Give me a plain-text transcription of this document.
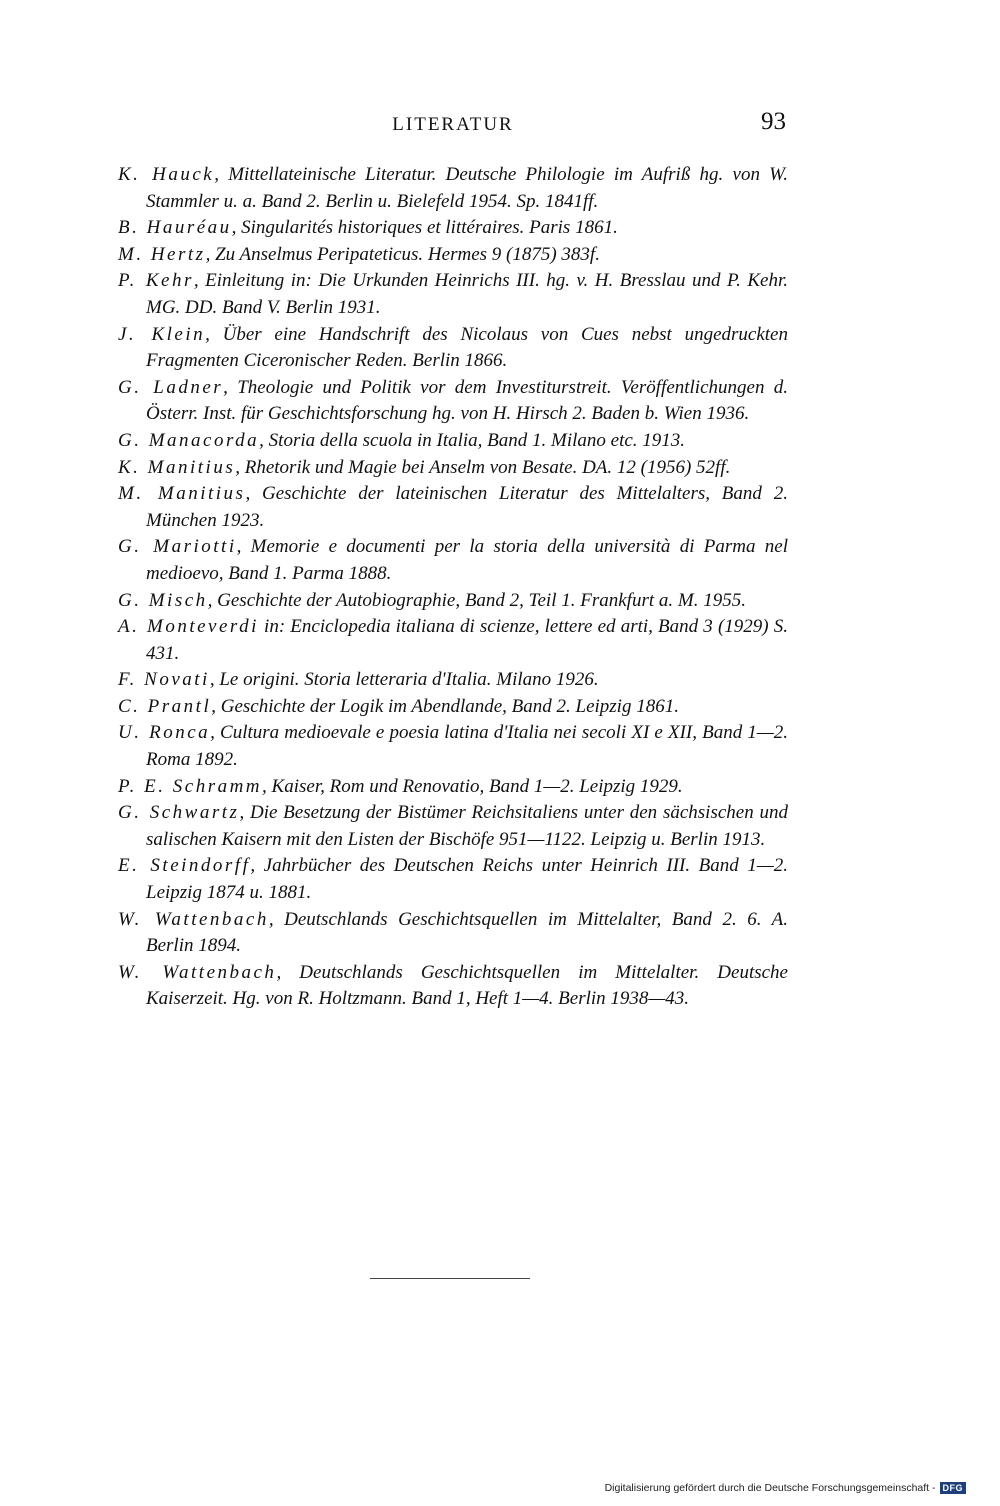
LITERATUR	93
K. Hauck, Mittellateinische Literatur. Deutsche Philologie im Aufriß hg. von W. Stammler u. a. Band 2. Berlin u. Bielefeld 1954. Sp. 1841ff.
B. Hauréau, Singularités historiques et littéraires. Paris 1861.
M. Hertz, Zu Anselmus Peripateticus. Hermes 9 (1875) 383f.
P. Kehr, Einleitung in: Die Urkunden Heinrichs III. hg. v. H. Bresslau und P. Kehr. MG. DD. Band V. Berlin 1931.
J. Klein, Über eine Handschrift des Nicolaus von Cues nebst ungedruckten Fragmenten Ciceronischer Reden. Berlin 1866.
G. Ladner, Theologie und Politik vor dem Investiturstreit. Veröffentlichungen d. Österr. Inst. für Geschichtsforschung hg. von H. Hirsch 2. Baden b. Wien 1936.
G. Manacorda, Storia della scuola in Italia, Band 1. Milano etc. 1913.
K. Manitius, Rhetorik und Magie bei Anselm von Besate. DA. 12 (1956) 52ff.
M. Manitius, Geschichte der lateinischen Literatur des Mittelalters, Band 2. München 1923.
G. Mariotti, Memorie e documenti per la storia della università di Parma nel medioevo, Band 1. Parma 1888.
G. Misch, Geschichte der Autobiographie, Band 2, Teil 1. Frankfurt a. M. 1955.
A. Monteverdi in: Enciclopedia italiana di scienze, lettere ed arti, Band 3 (1929) S. 431.
F. Novati, Le origini. Storia letteraria d'Italia. Milano 1926.
C. Prantl, Geschichte der Logik im Abendlande, Band 2. Leipzig 1861.
U. Ronca, Cultura medioevale e poesia latina d'Italia nei secoli XI e XII, Band 1—2. Roma 1892.
P. E. Schramm, Kaiser, Rom und Renovatio, Band 1—2. Leipzig 1929.
G. Schwartz, Die Besetzung der Bistümer Reichsitaliens unter den sächsischen und salischen Kaisern mit den Listen der Bischöfe 951—1122. Leipzig u. Berlin 1913.
E. Steindorff, Jahrbücher des Deutschen Reichs unter Heinrich III. Band 1—2. Leipzig 1874 u. 1881.
W. Wattenbach, Deutschlands Geschichtsquellen im Mittelalter, Band 2. 6. A. Berlin 1894.
W. Wattenbach, Deutschlands Geschichtsquellen im Mittelalter. Deutsche Kaiserzeit. Hg. von R. Holtzmann. Band 1, Heft 1—4. Berlin 1938—43.
Digitalisierung gefördert durch die Deutsche Forschungsgemeinschaft - DFG
